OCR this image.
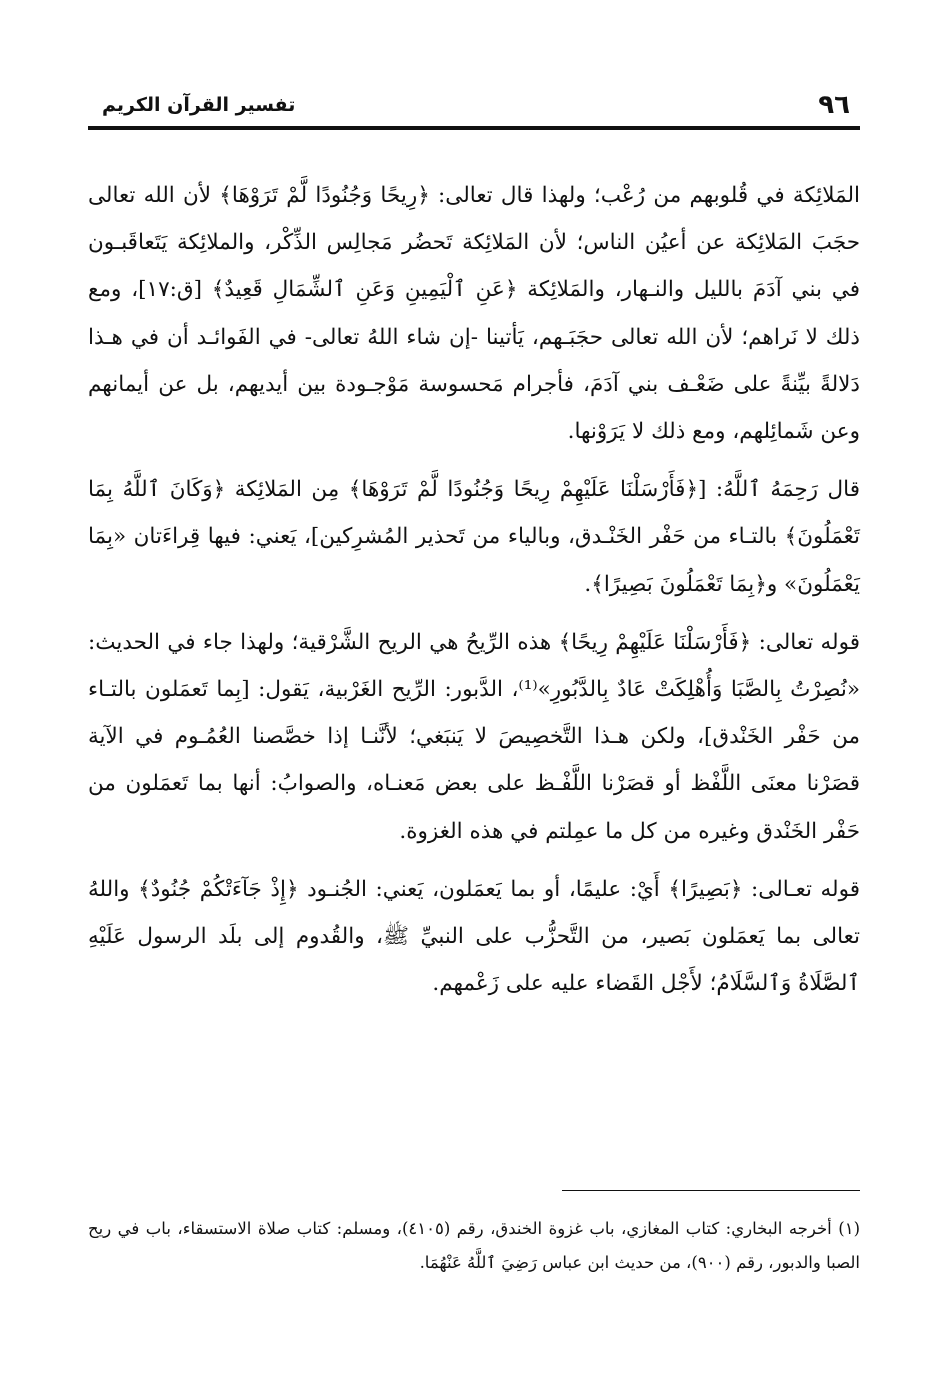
٩٦
تفسير القرآن الكريم

المَلائِكة في قُلوبهم من رُعْب؛ ولهذا قال تعالى: ﴿رِيحًا وَجُنُودًا لَّمْ تَرَوْهَا﴾ لأن الله تعالى حجَبَ المَلائِكة عن أعيُن الناس؛ لأن المَلائِكة تَحضُر مَجالِس الذِّكْر، والملائِكة يَتَعاقَبـون في بني آدَمَ بالليل والنـهار، والمَلائِكة ﴿عَنِ ٱلْيَمِينِ وَعَنِ ٱلشِّمَالِ قَعِيدٌ﴾ [ق:١٧]، ومع ذلك لا نَراهم؛ لأن الله تعالى حجَبَـهم، يَأتينا -إن شاء اللهُ تعالى- في الفَوائـد أن في هـذا دَلالةً بيِّنةً على ضَعْـف بني آدَمَ، فأجرام مَحسوسة مَوْجـودة بين أيديهم، بل عن أيمانهم وعن شَمائِلهم، ومع ذلك لا يَرَوْنها.

قال رَحِمَهُ ٱللَّهُ: [﴿فَأَرْسَلْنَا عَلَيْهِمْ رِيحًا وَجُنُودًا لَّمْ تَرَوْهَا﴾ مِن المَلائِكة ﴿وَكَانَ ٱللَّهُ بِمَا تَعْمَلُونَ﴾ بالتـاء من حَفْر الخَنْـدق، وبالياء من تَحذير المُشرِكين]، يَعني: فيها قِراءَتان «بِمَا يَعْمَلُونَ» و﴿بِمَا تَعْمَلُونَ بَصِيرًا﴾.

قوله تعالى: ﴿فَأَرْسَلْنَا عَلَيْهِمْ رِيحًا﴾ هذه الرِّيحُ هي الريح الشَّرْقية؛ ولهذا جاء في الحديث: «نُصِرْتُ بِالصَّبَا وَأُهْلِكَتْ عَادٌ بِالدَّبُورِ»⁽¹⁾، الدَّبور: الرِّيح الغَرْبية، يَقول: [بِما تَعمَلون بالتـاء من حَفْر الخَنْدق]، ولكن هـذا التَّخصِيصَ لا يَنبَغي؛ لأنَّنـا إذا خصَّصنا العُمُـوم في الآية قصَرْنا معنَى اللَّفْظ أو قصَرْنا اللَّفْـظ على بعض مَعنـاه، والصوابُ: أنها بما تَعمَلون من حَفْر الخَنْدق وغيره من كل ما عمِلتم في هذه الغزوة.

قوله تعـالى: ﴿بَصِيرًا﴾ أَيْ: عليمًا، أو بما يَعمَلون، يَعني: الجُنـود ﴿إِذْ جَآءَتْكُمْ جُنُودٌ﴾ واللهُ تعالى بما يَعمَلون بَصير، من التَّحزُّب على النبيِّ ﷺ، والقُدوم إلى بلَد الرسول عَلَيْهِ ٱلصَّلَاةُ وَٱلسَّلَامُ؛ لأَجْل القَضاء عليه على زَعْمهم.

(١) أخرجه البخاري: كتاب المغازي، باب غزوة الخندق، رقم (٤١٠٥)، ومسلم: كتاب صلاة الاستسقاء، باب في ريح الصبا والدبور، رقم (٩٠٠)، من حديث ابن عباس رَضِيَ ٱللَّهُ عَنْهُمَا.
